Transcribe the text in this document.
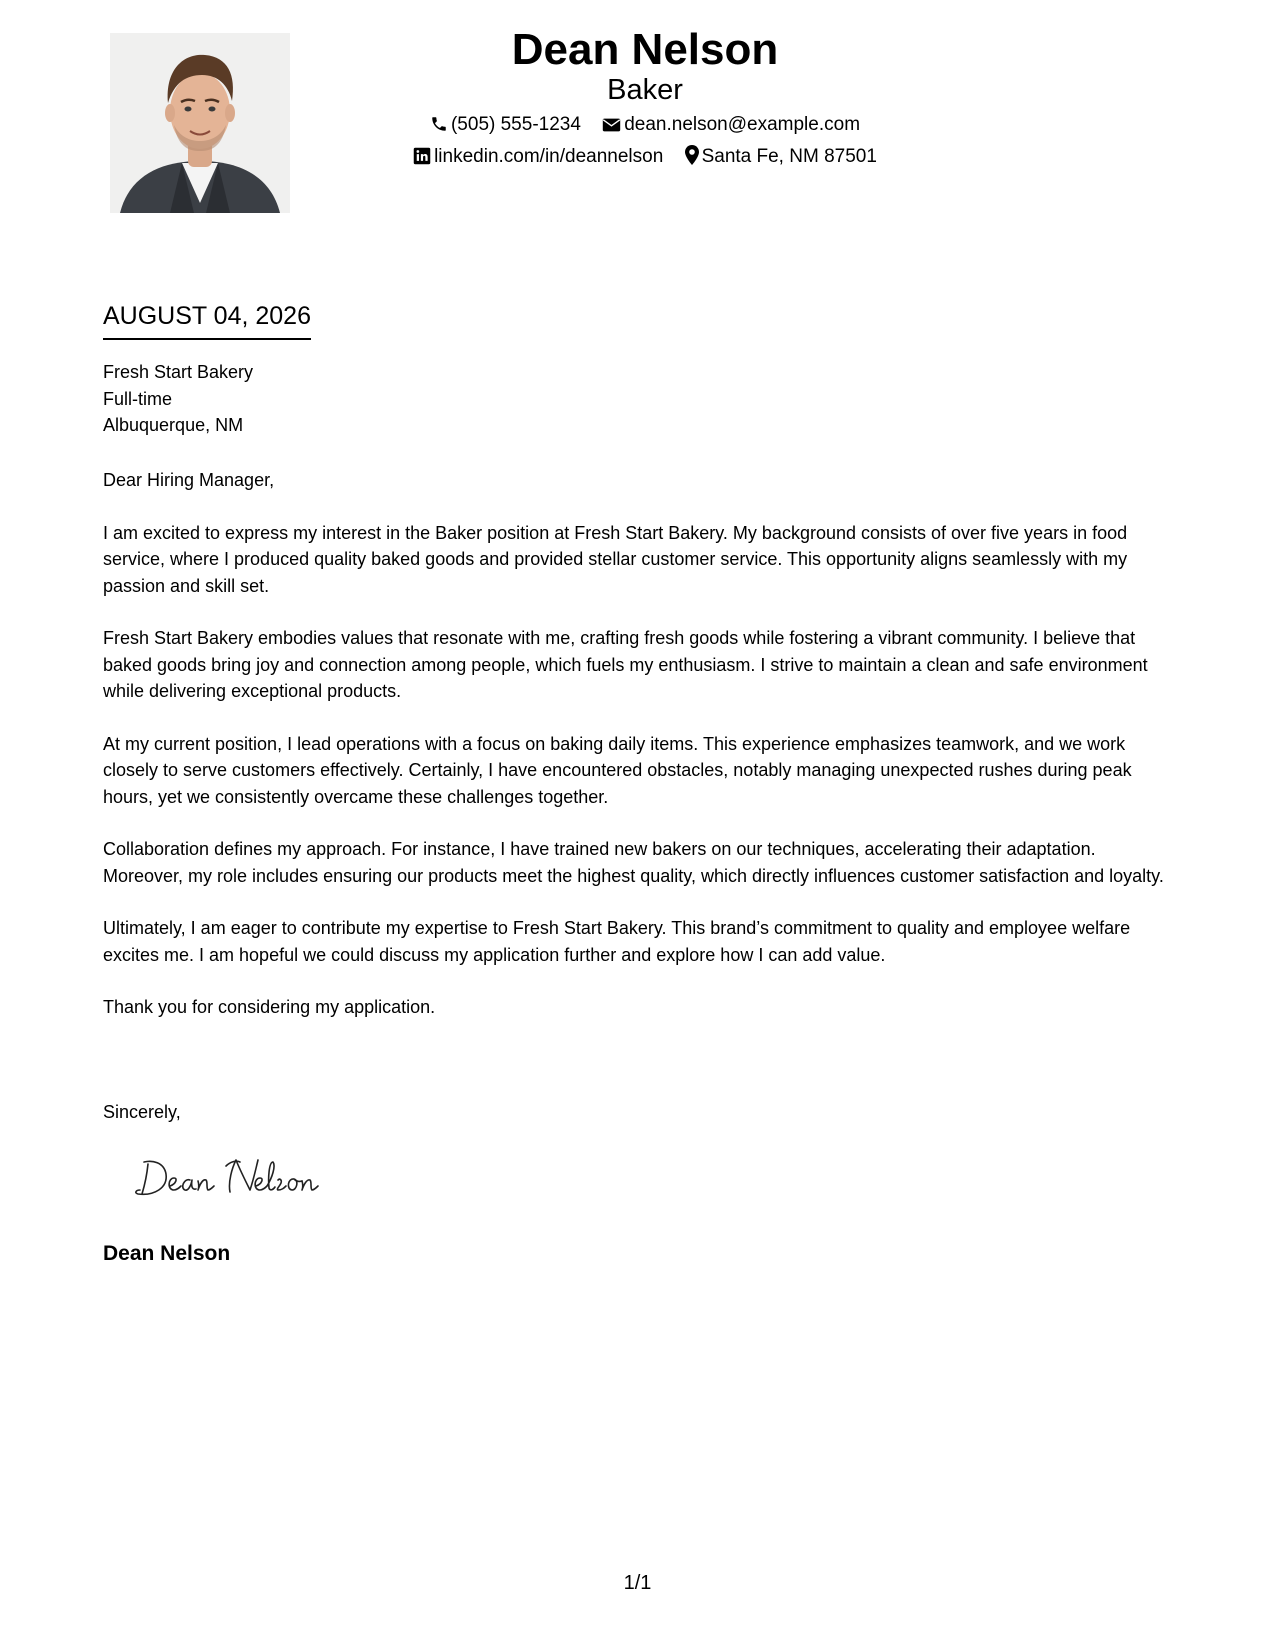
Dean Nelson
Baker
(505) 555-1234 dean.nelson@example.com
linkedin.com/in/deannelson Santa Fe, NM 87501
AUGUST 04, 2026
Fresh Start Bakery
Full-time
Albuquerque, NM

Dear Hiring Manager,

I am excited to express my interest in the Baker position at Fresh Start Bakery. My background consists of over five years in food service, where I produced quality baked goods and provided stellar customer service. This opportunity aligns seamlessly with my passion and skill set.

Fresh Start Bakery embodies values that resonate with me, crafting fresh goods while fostering a vibrant community. I believe that baked goods bring joy and connection among people, which fuels my enthusiasm. I strive to maintain a clean and safe environment while delivering exceptional products.

At my current position, I lead operations with a focus on baking daily items. This experience emphasizes teamwork, and we work closely to serve customers effectively. Certainly, I have encountered obstacles, notably managing unexpected rushes during peak hours, yet we consistently overcame these challenges together.

Collaboration defines my approach. For instance, I have trained new bakers on our techniques, accelerating their adaptation. Moreover, my role includes ensuring our products meet the highest quality, which directly influences customer satisfaction and loyalty.

Ultimately, I am eager to contribute my expertise to Fresh Start Bakery. This brand’s commitment to quality and employee welfare excites me. I am hopeful we could discuss my application further and explore how I can add value.

Thank you for considering my application.

Sincerely,
Dean Nelson
1/1
